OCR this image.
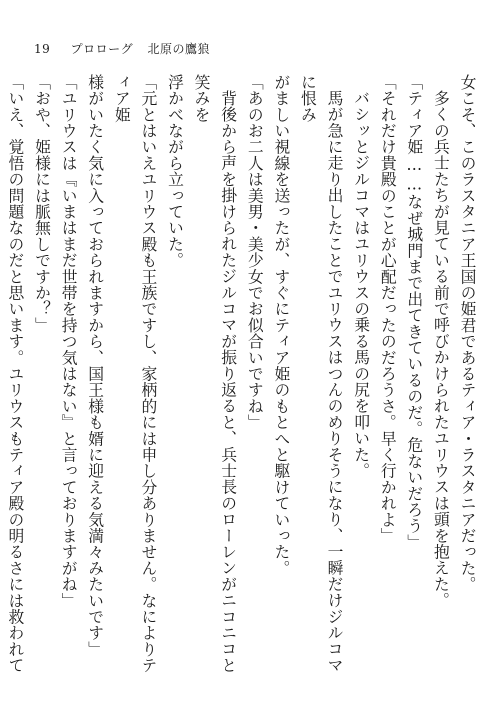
19 プロローグ 北原の鷹狼

女こそ、このラスタニア王国の姫君であるティア・ラスタニアだった。

多くの兵士たちが見ている前で呼びかけられたユリウスは頭を抱えた。

「ティア姫……なぜ城門まで出てきているのだ。危ないだろう」

「それだけ貴殿のことが心配だったのだろうさ。早く行かれよ」

バシッとジルコマはユリウスの乗る馬の尻を叩いた。

馬が急に走り出したことでユリウスはつんのめりそうになり、一瞬だけジルコマに恨み

がましい視線を送ったが、すぐにティア姫のもとへと駆けていった。

「あのお二人は美男・美少女でお似合いですね」

背後から声を掛けられたジルコマが振り返ると、兵士長のローレンがニコニコと笑みを

浮かべながら立っていた。

「元とはいえユリウス殿も王族ですし、家柄的には申し分ありません。なによりティア姫

様がいたく気に入っておられますから、国王様も婿に迎える気満々みたいです」

「ユリウスは『いまはまだ世帯を持つ気はない』と言っておりますがね」

「おや、姫様には脈無しですか？」

「いえ、覚悟の問題なのだと思います。ユリウスもティア殿の明るさには救われて
